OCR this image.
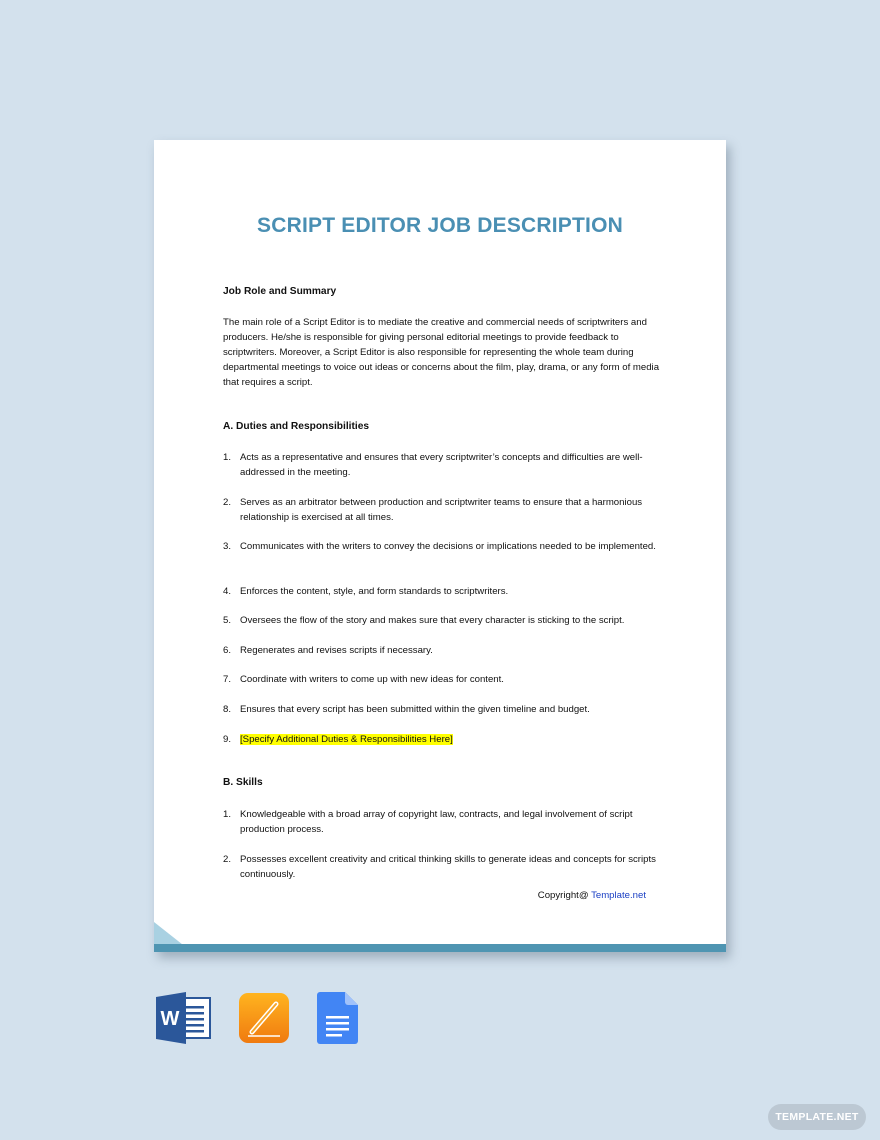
SCRIPT EDITOR JOB DESCRIPTION

Job Role and Summary

The main role of a Script Editor is to mediate the creative and commercial needs of scriptwriters and producers. He/she is responsible for giving personal editorial meetings to provide feedback to scriptwriters. Moreover, a Script Editor is also responsible for representing the whole team during departmental meetings to voice out ideas or concerns about the film, play, drama, or any form of media that requires a script.

A. Duties and Responsibilities

1. Acts as a representative and ensures that every scriptwriter’s concepts and difficulties are well-addressed in the meeting.
2. Serves as an arbitrator between production and scriptwriter teams to ensure that a harmonious relationship is exercised at all times.
3. Communicates with the writers to convey the decisions or implications needed to be implemented.
4. Enforces the content, style, and form standards to scriptwriters.
5. Oversees the flow of the story and makes sure that every character is sticking to the script.
6. Regenerates and revises scripts if necessary.
7. Coordinate with writers to come up with new ideas for content.
8. Ensures that every script has been submitted within the given timeline and budget.
9. [Specify Additional Duties & Responsibilities Here]

B. Skills

1. Knowledgeable with a broad array of copyright law, contracts, and legal involvement of script production process.
2. Possesses excellent creativity and critical thinking skills to generate ideas and concepts for scripts continuously.
Copyright@ Template.net
W
TEMPLATE.NET
